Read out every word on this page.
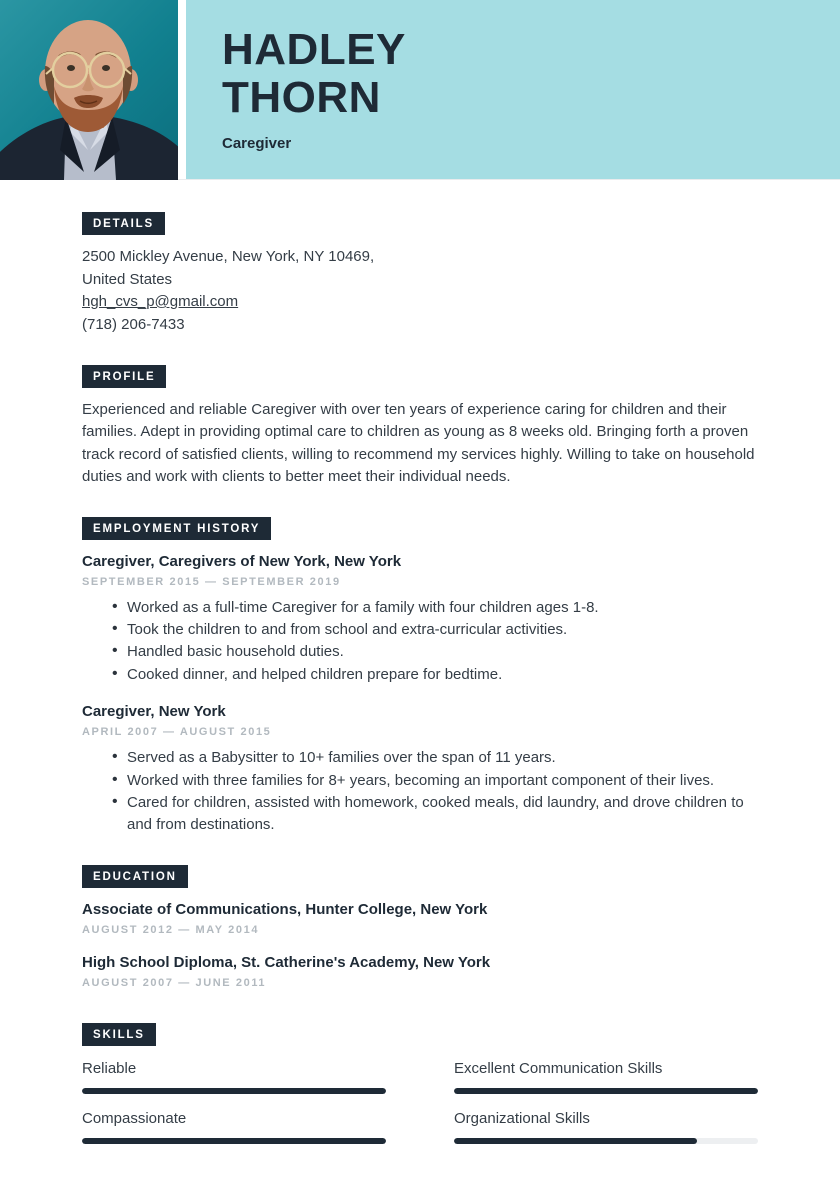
HADLEY
THORN
Caregiver
DETAILS
2500 Mickley Avenue, New York, NY 10469,
United States
hgh_cvs_p@gmail.com
(718) 206-7433
PROFILE

Experienced and reliable Caregiver with over ten years of experience caring for children and their families. Adept in providing optimal care to children as young as 8 weeks old. Bringing forth a proven track record of satisfied clients, willing to recommend my services highly. Willing to take on household duties and work with clients to better meet their individual needs.

EMPLOYMENT HISTORY
Caregiver, Caregivers of New York, New York
SEPTEMBER 2015 — SEPTEMBER 2019
• Worked as a full-time Caregiver for a family with four children ages 1-8.
• Took the children to and from school and extra-curricular activities.
• Handled basic household duties.
• Cooked dinner, and helped children prepare for bedtime.
Caregiver, New York
APRIL 2007 — AUGUST 2015
• Served as a Babysitter to 10+ families over the span of 11 years.
• Worked with three families for 8+ years, becoming an important component of their lives.
• Cared for children, assisted with homework, cooked meals, did laundry, and drove children to and from destinations.
EDUCATION
Associate of Communications, Hunter College, New York
AUGUST 2012 — MAY 2014
High School Diploma, St. Catherine's Academy, New York
AUGUST 2007 — JUNE 2011
SKILLS
Reliable	Excellent Communication Skills
Compassionate	Organizational Skills
